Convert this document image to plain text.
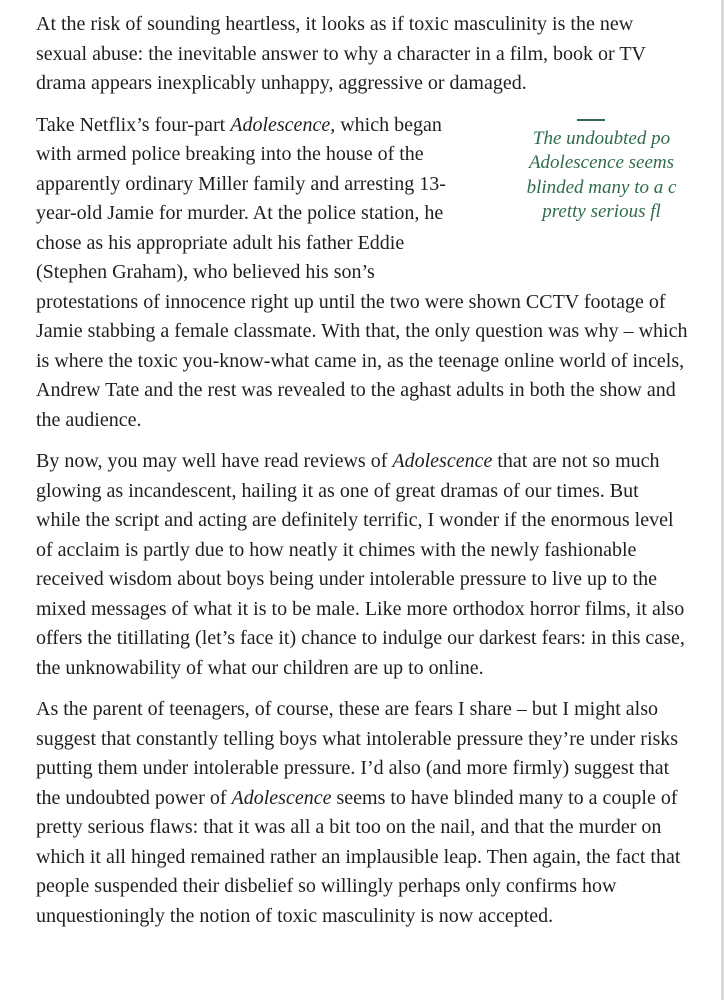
At the risk of sounding heartless, it looks as if toxic masculinity is the new sexual abuse: the inevitable answer to why a character in a film, book or TV drama appears inexplicably unhappy, aggressive or damaged.

The undoubted po
Adolescence seems
blinded many to a c
pretty serious fl
Take Netflix’s four-part Adolescence, which began with armed police breaking into the house of the apparently ordinary Miller family and arresting 13-year-old Jamie for murder. At the police station, he chose as his appropriate adult his father Eddie (Stephen Graham), who believed his son’s protestations of innocence right up until the two were shown CCTV footage of Jamie stabbing a female classmate. With that, the only question was why – which is where the toxic you-know-what came in, as the teenage online world of incels, Andrew Tate and the rest was revealed to the aghast adults in both the show and the audience.

By now, you may well have read reviews of Adolescence that are not so much glowing as incandescent, hailing it as one of great dramas of our times. But while the script and acting are definitely terrific, I wonder if the enormous level of acclaim is partly due to how neatly it chimes with the newly fashionable received wisdom about boys being under intolerable pressure to live up to the mixed messages of what it is to be male. Like more orthodox horror films, it also offers the titillating (let’s face it) chance to indulge our darkest fears: in this case, the unknowability of what our children are up to online.

As the parent of teenagers, of course, these are fears I share – but I might also suggest that constantly telling boys what intolerable pressure they’re under risks putting them under intolerable pressure. I’d also (and more firmly) suggest that the undoubted power of Adolescence seems to have blinded many to a couple of pretty serious flaws: that it was all a bit too on the nail, and that the murder on which it all hinged remained rather an implausible leap. Then again, the fact that people suspended their disbelief so willingly perhaps only confirms how unquestioningly the notion of toxic masculinity is now accepted.
